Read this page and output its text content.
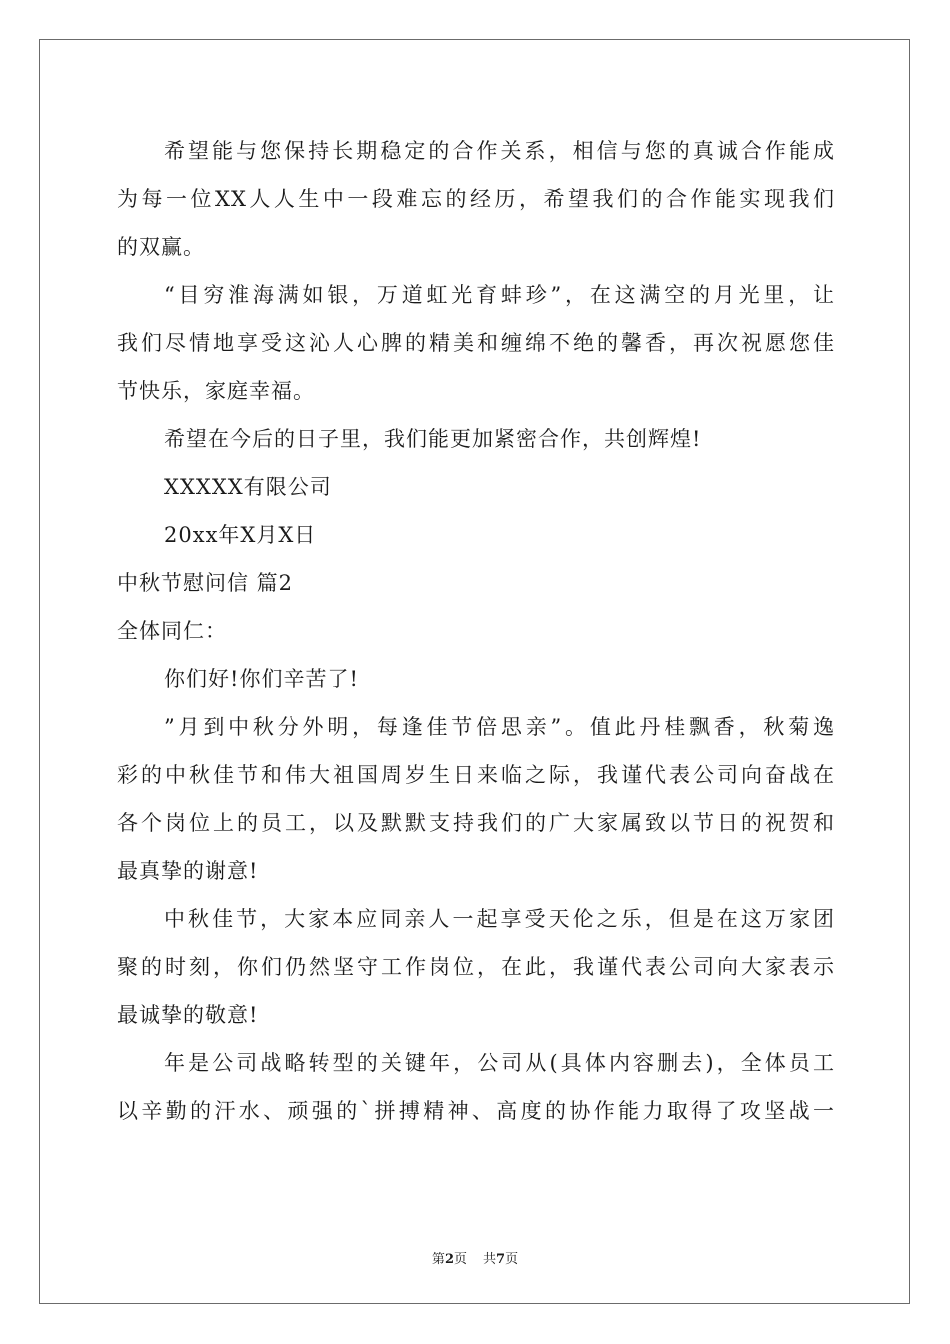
希望能与您保持长期稳定的合作关系，相信与您的真诚合作能成
为每一位XX人人生中一段难忘的经历，希望我们的合作能实现我们
的双赢。
“目穷淮海满如银，万道虹光育蚌珍”，在这满空的月光里，让
我们尽情地享受这沁人心脾的精美和缠绵不绝的馨香，再次祝愿您佳
节快乐，家庭幸福。
希望在今后的日子里，我们能更加紧密合作，共创辉煌!
XXXXX有限公司
20xx年X月X日
中秋节慰问信 篇2
全体同仁：
你们好!你们辛苦了!
”月到中秋分外明，每逢佳节倍思亲”。值此丹桂飘香，秋菊逸
彩的中秋佳节和伟大祖国周岁生日来临之际，我谨代表公司向奋战在
各个岗位上的员工，以及默默支持我们的广大家属致以节日的祝贺和
最真挚的谢意!
中秋佳节，大家本应同亲人一起享受天伦之乐，但是在这万家团
聚的时刻，你们仍然坚守工作岗位，在此，我谨代表公司向大家表示
最诚挚的敬意!
年是公司战略转型的关键年，公司从(具体内容删去)，全体员工
以辛勤的汗水、顽强的`拼搏精神、高度的协作能力取得了攻坚战一
第2页 共7页
